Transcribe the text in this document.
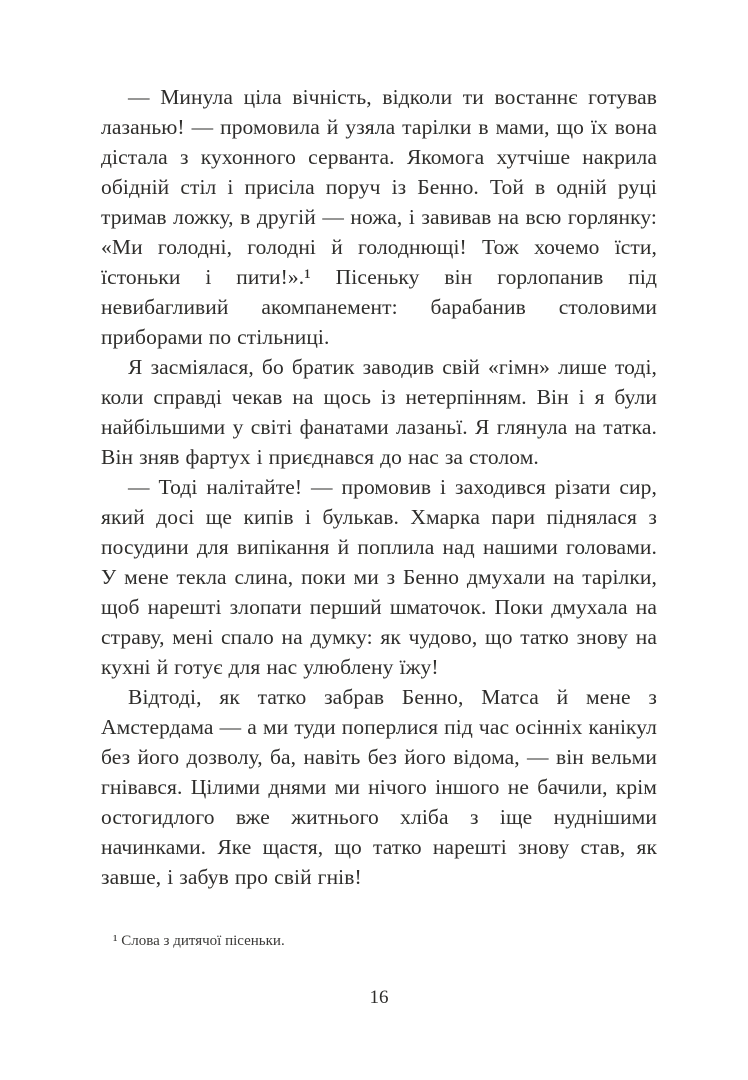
— Минула ціла вічність, відколи ти востаннє готував лазанью! — промовила й узяла тарілки в мами, що їх вона дістала з кухонного серванта. Якомога хутчіше накрила обідній стіл і присіла поруч із Бенно. Той в одній руці тримав ложку, в другій — ножа, і завивав на всю горлянку: «Ми голодні, голодні й голоднющі! Тож хочемо їсти, їстоньки і пити!».¹ Пісеньку він горлопанив під невибагливий акомпанемент: барабанив столовими приборами по стільниці.

Я засміялася, бо братик заводив свій «гімн» лише тоді, коли справді чекав на щось із нетерпінням. Він і я були найбільшими у світі фанатами лазаньї. Я глянула на татка. Він зняв фартух і приєднався до нас за столом.

— Тоді налітайте! — промовив і заходився різати сир, який досі ще кипів і булькав. Хмарка пари піднялася з посудини для випікання й поплила над нашими головами. У мене текла слина, поки ми з Бенно дмухали на тарілки, щоб нарешті злопати перший шматочок. Поки дмухала на страву, мені спало на думку: як чудово, що татко знову на кухні й готує для нас улюблену їжу!

Відтоді, як татко забрав Бенно, Матса й мене з Амстердама — а ми туди поперлися під час осінніх канікул без його дозволу, ба, навіть без його відома, — він вельми гнівався. Цілими днями ми нічого іншого не бачили, крім остогидлого вже житнього хліба з іще нуднішими начинками. Яке щастя, що татко нарешті знову став, як завше, і забув про свій гнів!

¹ Слова з дитячої пісеньки.
16
